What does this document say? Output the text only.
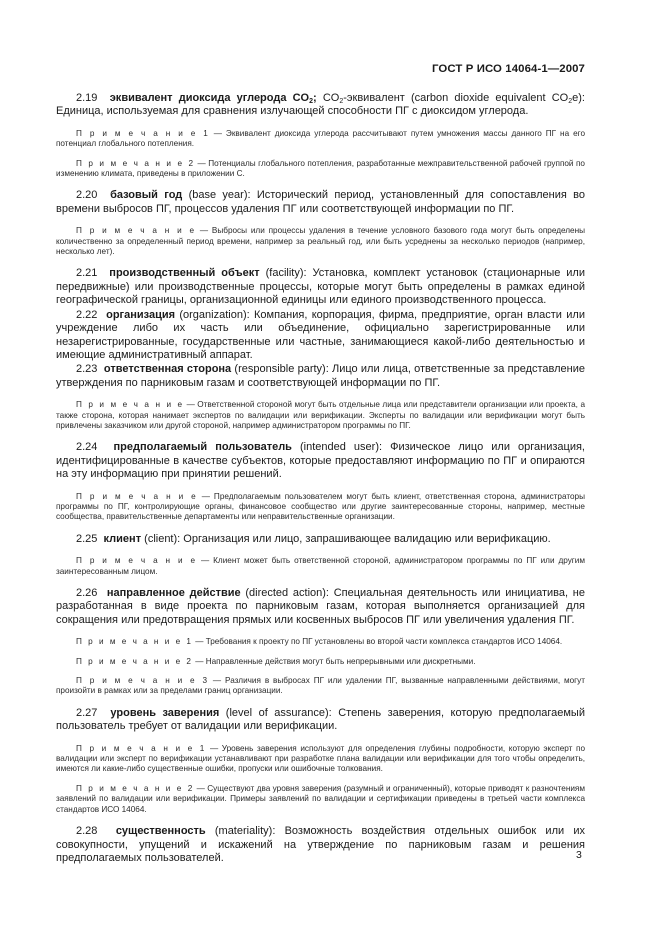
ГОСТ Р ИСО 14064-1—2007

2.19 эквивалент диоксида углерода $CO_2$; $CO_2$-эквивалент (carbon dioxide equivalent $CO_2e$): Единица, используемая для сравнения излучающей способности ПГ с диоксидом углерода.

П р и м е ч а н и е 1 — Эквивалент диоксида углерода рассчитывают путем умножения массы данного ПГ на его потенциал глобального потепления.

П р и м е ч а н и е 2 — Потенциалы глобального потепления, разработанные межправительственной рабочей группой по изменению климата, приведены в приложении С.

2.20 базовый год (base year): Исторический период, установленный для сопоставления во времени выбросов ПГ, процессов удаления ПГ или соответствующей информации по ПГ.

П р и м е ч а н и е — Выбросы или процессы удаления в течение условного базового года могут быть определены количественно за определенный период времени, например за реальный год, или быть усреднены за несколько периодов (например, несколько лет).

2.21 производственный объект (facility): Установка, комплект установок (стационарные или передвижные) или производственные процессы, которые могут быть определены в рамках единой географической границы, организационной единицы или единого производственного процесса.

2.22 организация (organization): Компания, корпорация, фирма, предприятие, орган власти или учреждение либо их часть или объединение, официально зарегистрированные или незарегистрированные, государственные или частные, занимающиеся какой-либо деятельностью и имеющие административный аппарат.

2.23 ответственная сторона (responsible party): Лицо или лица, ответственные за представление утверждения по парниковым газам и соответствующей информации по ПГ.

П р и м е ч а н и е — Ответственной стороной могут быть отдельные лица или представители организации или проекта, а также сторона, которая нанимает экспертов по валидации или верификации. Эксперты по валидации или верификации могут быть привлечены заказчиком или другой стороной, например администратором программы по ПГ.

2.24 предполагаемый пользователь (intended user): Физическое лицо или организация, идентифицированные в качестве субъектов, которые предоставляют информацию по ПГ и опираются на эту информацию при принятии решений.

П р и м е ч а н и е — Предполагаемым пользователем могут быть клиент, ответственная сторона, администраторы программы по ПГ, контролирующие органы, финансовое сообщество или другие заинтересованные стороны, например, местные сообщества, правительственные департаменты или неправительственные организации.

2.25 клиент (client): Организация или лицо, запрашивающее валидацию или верификацию.

П р и м е ч а н и е — Клиент может быть ответственной стороной, администратором программы по ПГ или другим заинтересованным лицом.

2.26 направленное действие (directed action): Специальная деятельность или инициатива, не разработанная в виде проекта по парниковым газам, которая выполняется организацией для сокращения или предотвращения прямых или косвенных выбросов ПГ или увеличения удаления ПГ.

П р и м е ч а н и е 1 — Требования к проекту по ПГ установлены во второй части комплекса стандартов ИСО 14064.

П р и м е ч а н и е 2 — Направленные действия могут быть непрерывными или дискретными.

П р и м е ч а н и е 3 — Различия в выбросах ПГ или удалении ПГ, вызванные направленными действиями, могут произойти в рамках или за пределами границ организации.

2.27 уровень заверения (level of assurance): Степень заверения, которую предполагаемый пользователь требует от валидации или верификации.

П р и м е ч а н и е 1 — Уровень заверения используют для определения глубины подробности, которую эксперт по валидации или эксперт по верификации устанавливают при разработке плана валидации или верификации для того чтобы определить, имеются ли какие-либо существенные ошибки, пропуски или ошибочные толкования.

П р и м е ч а н и е 2 — Существуют два уровня заверения (разумный и ограниченный), которые приводят к разночтениям заявлений по валидации или верификации. Примеры заявлений по валидации и сертификации приведены в третьей части комплекса стандартов ИСО 14064.

2.28 существенность (materiality): Возможность воздействия отдельных ошибок или их совокупности, упущений и искажений на утверждение по парниковым газам и решения предполагаемых пользователей.	3
